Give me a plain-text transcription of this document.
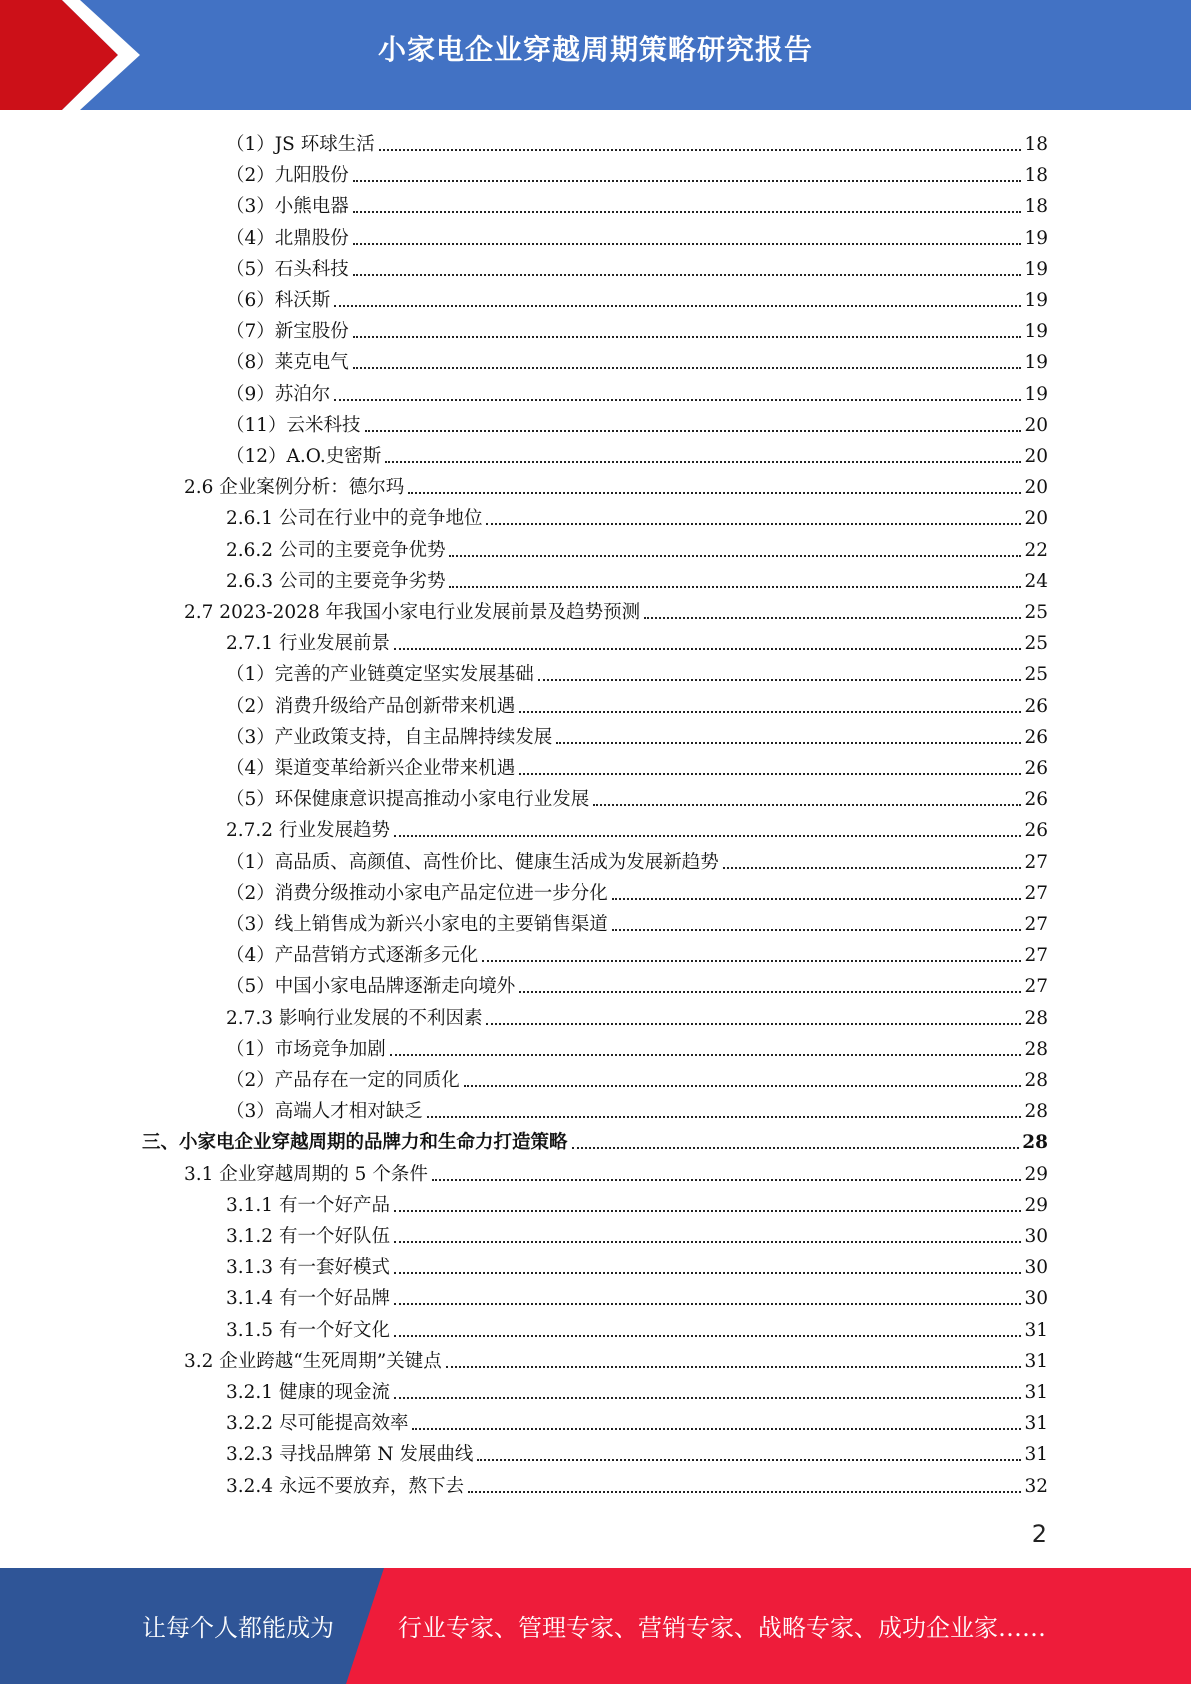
小家电企业穿越周期策略研究报告
（1）JS 环球生活	18
（2）九阳股份	18
（3）小熊电器	18
（4）北鼎股份	19
（5）石头科技	19
（6）科沃斯	19
（7）新宝股份	19
（8）莱克电气	19
（9）苏泊尔	19
（11）云米科技	20
（12）A.O.史密斯	20
2.6 企业案例分析：德尔玛	20
2.6.1 公司在行业中的竞争地位	20
2.6.2 公司的主要竞争优势	22
2.6.3 公司的主要竞争劣势	24
2.7 2023-2028 年我国小家电行业发展前景及趋势预测	25
2.7.1 行业发展前景	25
（1）完善的产业链奠定坚实发展基础	25
（2）消费升级给产品创新带来机遇	26
（3）产业政策支持，自主品牌持续发展	26
（4）渠道变革给新兴企业带来机遇	26
（5）环保健康意识提高推动小家电行业发展	26
2.7.2 行业发展趋势	26
（1）高品质、高颜值、高性价比、健康生活成为发展新趋势	27
（2）消费分级推动小家电产品定位进一步分化	27
（3）线上销售成为新兴小家电的主要销售渠道	27
（4）产品营销方式逐渐多元化	27
（5）中国小家电品牌逐渐走向境外	27
2.7.3 影响行业发展的不利因素	28
（1）市场竞争加剧	28
（2）产品存在一定的同质化	28
（3）高端人才相对缺乏	28
三、小家电企业穿越周期的品牌力和生命力打造策略	28
3.1 企业穿越周期的 5 个条件	29
3.1.1 有一个好产品	29
3.1.2 有一个好队伍	30
3.1.3 有一套好模式	30
3.1.4 有一个好品牌	30
3.1.5 有一个好文化	31
3.2 企业跨越“生死周期”关键点	31
3.2.1 健康的现金流	31
3.2.2 尽可能提高效率	31
3.2.3 寻找品牌第 N 发展曲线	31
3.2.4 永远不要放弃，熬下去	32
2
让每个人都能成为	行业专家、管理专家、营销专家、战略专家、成功企业家……
